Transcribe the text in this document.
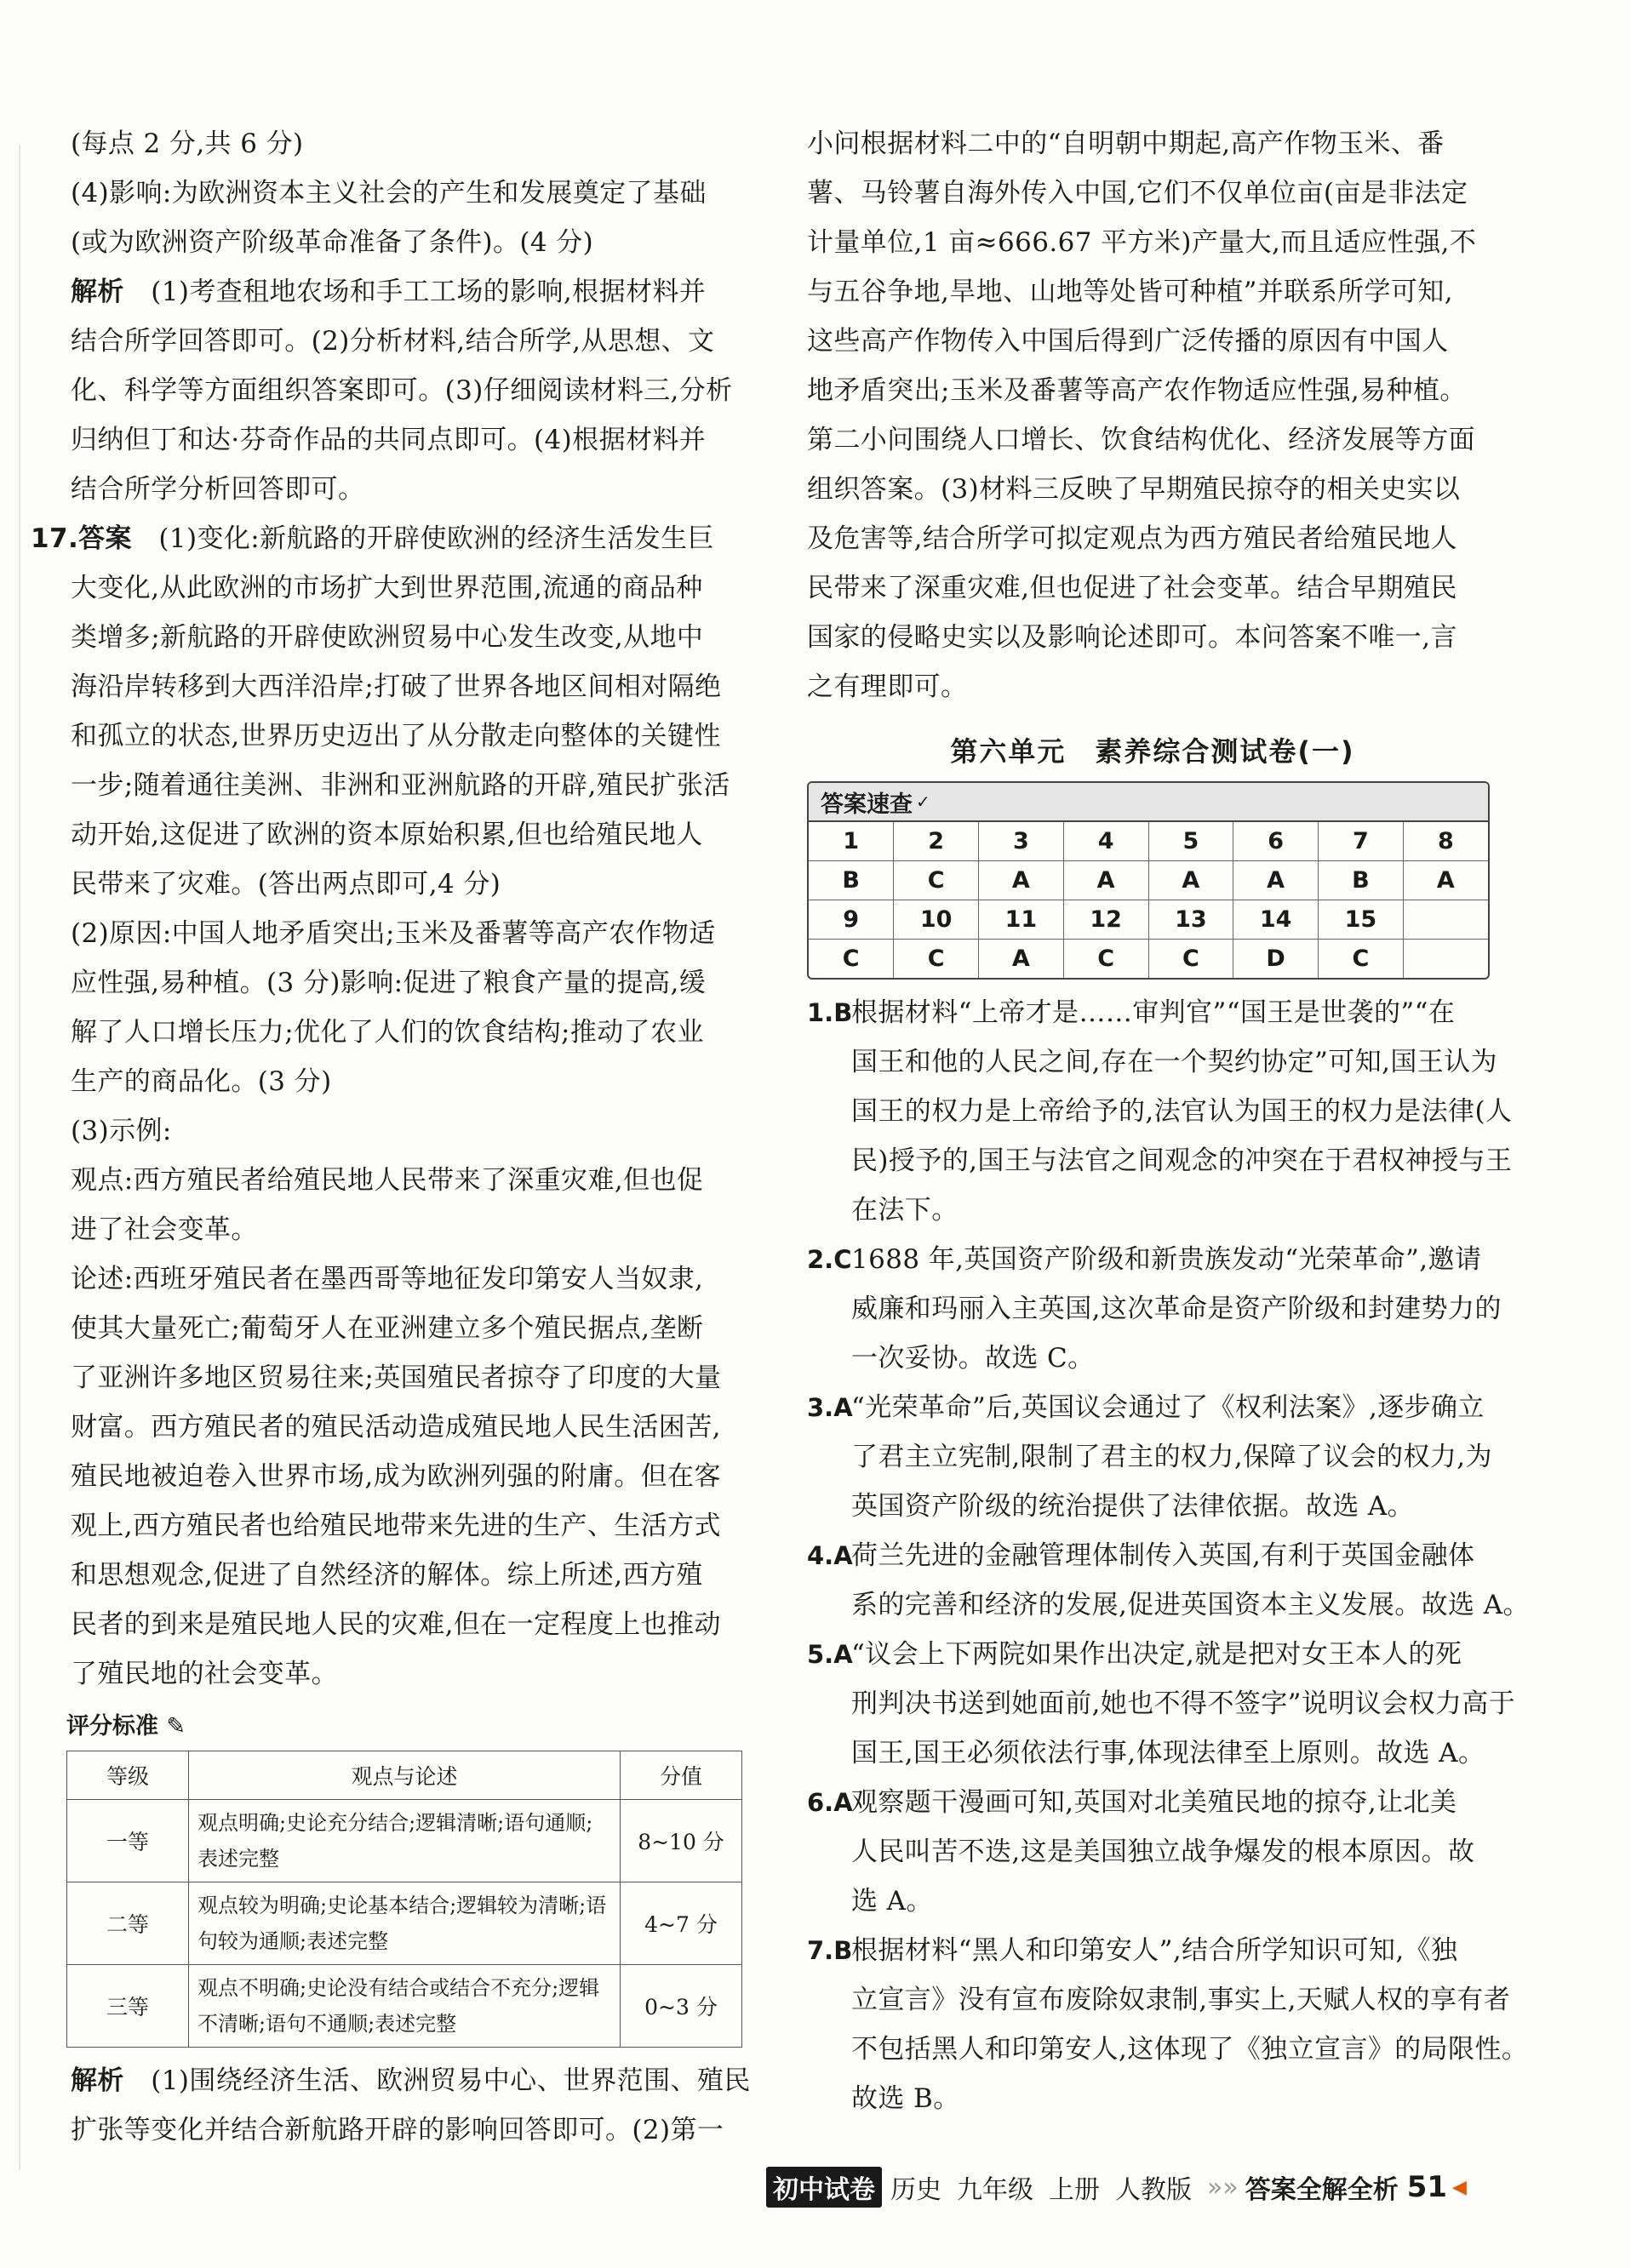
(每点 2 分,共 6 分)
(4)影响:为欧洲资本主义社会的产生和发展奠定了基础
(或为欧洲资产阶级革命准备了条件)。(4 分)
解析　 (1)考查租地农场和手工工场的影响,根据材料并
结合所学回答即可。(2)分析材料,结合所学,从思想、文
化、科学等方面组织答案即可。(3)仔细阅读材料三,分析
归纳但丁和达·芬奇作品的共同点即可。(4)根据材料并
结合所学分析回答即可。
17.答案　 (1)变化:新航路的开辟使欧洲的经济生活发生巨
大变化,从此欧洲的市场扩大到世界范围,流通的商品种
类增多;新航路的开辟使欧洲贸易中心发生改变,从地中
海沿岸转移到大西洋沿岸;打破了世界各地区间相对隔绝
和孤立的状态,世界历史迈出了从分散走向整体的关键性
一步;随着通往美洲、非洲和亚洲航路的开辟,殖民扩张活
动开始,这促进了欧洲的资本原始积累,但也给殖民地人
民带来了灾难。(答出两点即可,4 分)
(2)原因:中国人地矛盾突出;玉米及番薯等高产农作物适
应性强,易种植。(3 分)影响:促进了粮食产量的提高,缓
解了人口增长压力;优化了人们的饮食结构;推动了农业
生产的商品化。(3 分)
(3)示例:
观点:西方殖民者给殖民地人民带来了深重灾难,但也促
进了社会变革。
论述:西班牙殖民者在墨西哥等地征发印第安人当奴隶,
使其大量死亡;葡萄牙人在亚洲建立多个殖民据点,垄断
了亚洲许多地区贸易往来;英国殖民者掠夺了印度的大量
财富。西方殖民者的殖民活动造成殖民地人民生活困苦,
殖民地被迫卷入世界市场,成为欧洲列强的附庸。但在客
观上,西方殖民者也给殖民地带来先进的生产、生活方式
和思想观念,促进了自然经济的解体。综上所述,西方殖
民者的到来是殖民地人民的灾难,但在一定程度上也推动
了殖民地的社会变革。
评分标准 ✎
等级	观点与论述	分值
一等	观点明确;史论充分结合;逻辑清晰;语句通顺;表述完整	8~10 分
二等	观点较为明确;史论基本结合;逻辑较为清晰;语句较为通顺;表述完整	4~7 分
三等	观点不明确;史论没有结合或结合不充分;逻辑不清晰;语句不通顺;表述完整	0~3 分
解析　 (1)围绕经济生活、欧洲贸易中心、世界范围、殖民
扩张等变化并结合新航路开辟的影响回答即可。(2)第一
小问根据材料二中的“自明朝中期起,高产作物玉米、番
薯、马铃薯自海外传入中国,它们不仅单位亩(亩是非法定
计量单位,1 亩≈666.67 平方米)产量大,而且适应性强,不
与五谷争地,旱地、山地等处皆可种植”并联系所学可知,
这些高产作物传入中国后得到广泛传播的原因有中国人
地矛盾突出;玉米及番薯等高产农作物适应性强,易种植。
第二小问围绕人口增长、饮食结构优化、经济发展等方面
组织答案。(3)材料三反映了早期殖民掠夺的相关史实以
及危害等,结合所学可拟定观点为西方殖民者给殖民地人
民带来了深重灾难,但也促进了社会变革。结合早期殖民
国家的侵略史实以及影响论述即可。本问答案不唯一,言
之有理即可。
第六单元　素养综合测试卷(一)
答案速查 ✓
1	2	3	4	5	6	7	8
B	C	A	A	A	A	B	A
9	10	11	12	13	14	15	
C	C	A	C	C	D	C	
1.B
根据材料“上帝才是……审判官”“国王是世袭的”“在
国王和他的人民之间,存在一个契约协定”可知,国王认为
国王的权力是上帝给予的,法官认为国王的权力是法律(人
民)授予的,国王与法官之间观念的冲突在于君权神授与王
在法下。
2.C 1688 年,英国资产阶级和新贵族发动“光荣革命”,邀请
威廉和玛丽入主英国,这次革命是资产阶级和封建势力的
一次妥协。故选 C。
3.A
“光荣革命”后,英国议会通过了《权利法案》,逐步确立
了君主立宪制,限制了君主的权力,保障了议会的权力,为
英国资产阶级的统治提供了法律依据。故选 A。
4.A
荷兰先进的金融管理体制传入英国,有利于英国金融体
系的完善和经济的发展,促进英国资本主义发展。故选 A。
5.A
“议会上下两院如果作出决定,就是把对女王本人的死
刑判决书送到她面前,她也不得不签字”说明议会权力高于
国王,国王必须依法行事,体现法律至上原则。故选 A。
6.A
观察题干漫画可知,英国对北美殖民地的掠夺,让北美
人民叫苦不迭,这是美国独立战争爆发的根本原因。故
选 A。
7.B
根据材料“黑人和印第安人”,结合所学知识可知,《独
立宣言》没有宣布废除奴隶制,事实上,天赋人权的享有者
不包括黑人和印第安人,这体现了《独立宣言》的局限性。
故选 B。
初中试卷 历史 九年级 上册 人教版 »» 答案全解全析 51 ◀
